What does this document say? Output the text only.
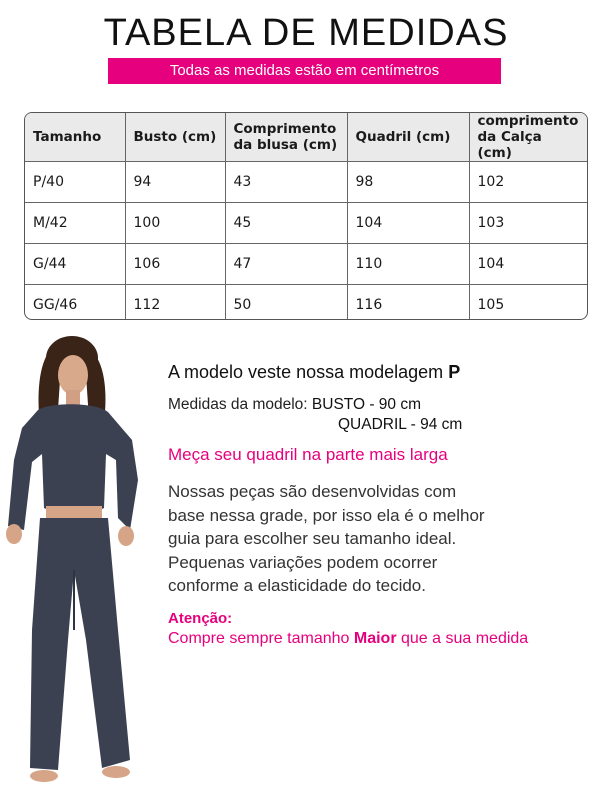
TABELA DE MEDIDAS
Todas as medidas estão em centímetros
Tamanho	Busto (cm)	Comprimento da blusa (cm)	Quadril (cm)	comprimento da Calça (cm)
P/40	94	43	98	102
M/42	100	45	104	103
G/44	106	47	110	104
GG/46	112	50	116	105
A modelo veste nossa modelagem P
Medidas da modelo: BUSTO - 90 cm
QUADRIL - 94 cm
Meça seu quadril na parte mais larga
Nossas peças são desenvolvidas com
base nessa grade, por isso ela é o melhor
guia para escolher seu tamanho ideal.
Pequenas variações podem ocorrer
conforme a elasticidade do tecido.
Atenção:
Compre sempre tamanho Maior que a sua medida
